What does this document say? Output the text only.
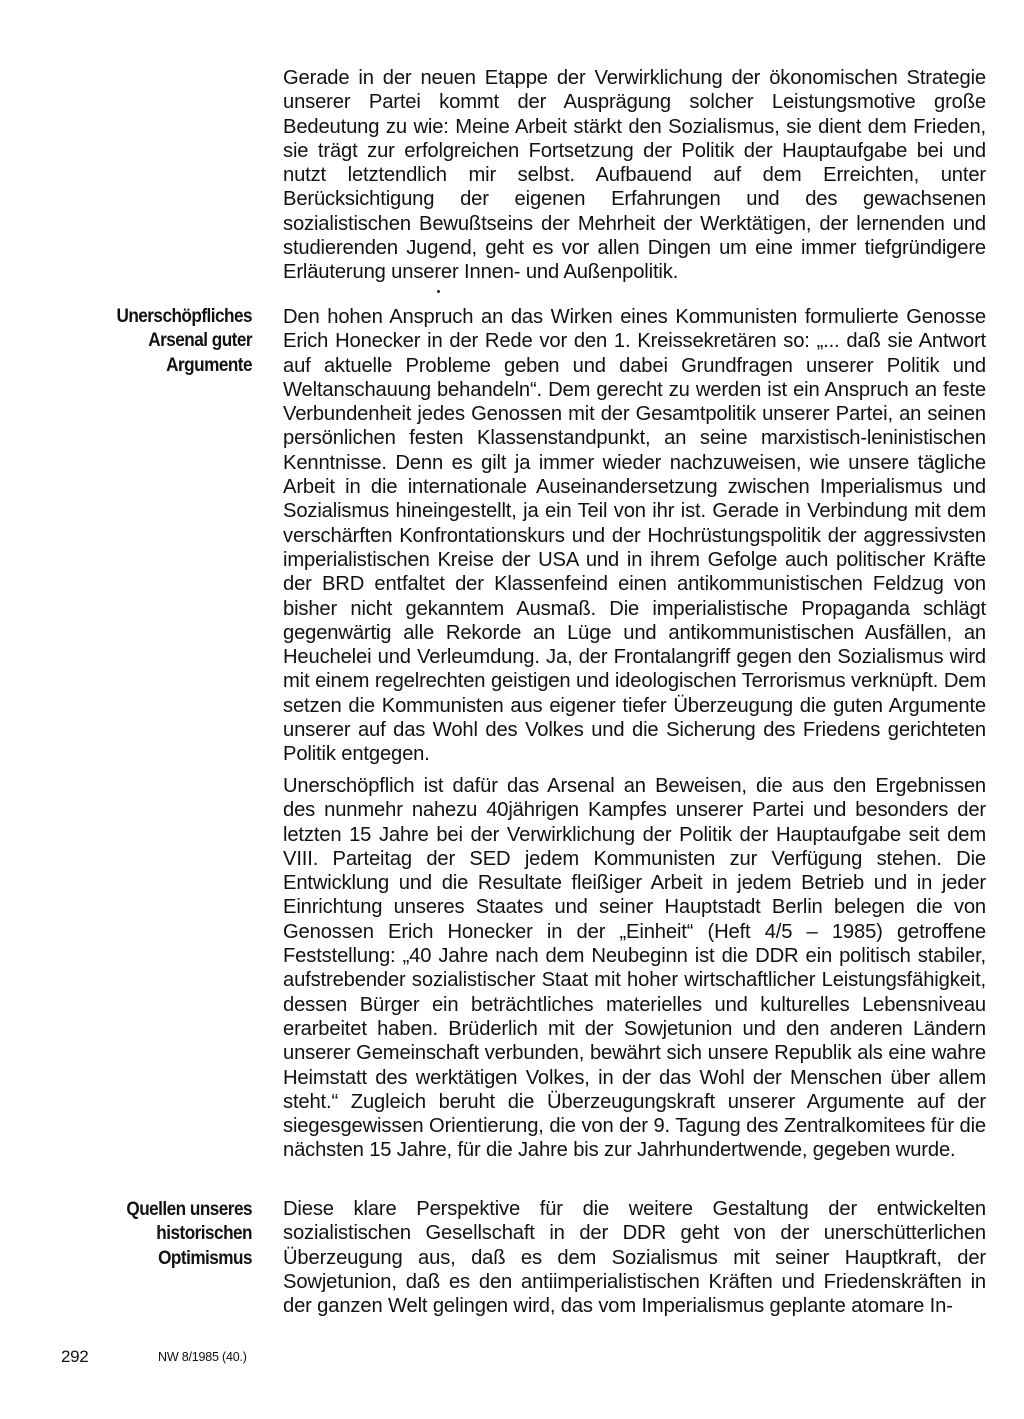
Gerade in der neuen Etappe der Verwirklichung der ökonomischen Strategie unserer Partei kommt der Ausprägung solcher Leistungsmotive große Bedeutung zu wie: Meine Arbeit stärkt den Sozialismus, sie dient dem Frieden, sie trägt zur erfolgreichen Fortsetzung der Politik der Hauptaufgabe bei und nutzt letztendlich mir selbst. Aufbauend auf dem Erreichten, unter Berücksichtigung der eigenen Erfahrungen und des gewachsenen sozialistischen Bewußtseins der Mehrheit der Werktätigen, der lernenden und studierenden Jugend, geht es vor allen Dingen um eine immer tiefgründigere Erläuterung unserer Innen- und Außenpolitik.

Unerschöpfliches
Arsenal guter
Argumente

Den hohen Anspruch an das Wirken eines Kommunisten formulierte Genosse Erich Honecker in der Rede vor den 1. Kreissekretären so: „... daß sie Antwort auf aktuelle Probleme geben und dabei Grundfragen unserer Politik und Weltanschauung behandeln“. Dem gerecht zu werden ist ein Anspruch an feste Verbundenheit jedes Genossen mit der Gesamtpolitik unserer Partei, an seinen persönlichen festen Klassenstandpunkt, an seine marxistisch-leninistischen Kenntnisse. Denn es gilt ja immer wieder nachzuweisen, wie unsere tägliche Arbeit in die internationale Auseinandersetzung zwischen Imperialismus und Sozialismus hineingestellt, ja ein Teil von ihr ist. Gerade in Verbindung mit dem verschärften Konfrontationskurs und der Hochrüstungspolitik der aggressivsten imperialistischen Kreise der USA und in ihrem Gefolge auch politischer Kräfte der BRD entfaltet der Klassenfeind einen antikommunistischen Feldzug von bisher nicht gekanntem Ausmaß. Die imperialistische Propaganda schlägt gegenwärtig alle Rekorde an Lüge und antikommunistischen Ausfällen, an Heuchelei und Verleumdung. Ja, der Frontalangriff gegen den Sozialismus wird mit einem regelrechten geistigen und ideologischen Terrorismus verknüpft. Dem setzen die Kommunisten aus eigener tiefer Überzeugung die guten Argumente unserer auf das Wohl des Volkes und die Sicherung des Friedens gerichteten Politik entgegen.

Unerschöpflich ist dafür das Arsenal an Beweisen, die aus den Ergebnissen des nunmehr nahezu 40jährigen Kampfes unserer Partei und besonders der letzten 15 Jahre bei der Verwirklichung der Politik der Hauptaufgabe seit dem VIII. Parteitag der SED jedem Kommunisten zur Verfügung stehen. Die Entwicklung und die Resultate fleißiger Arbeit in jedem Betrieb und in jeder Einrichtung unseres Staates und seiner Hauptstadt Berlin belegen die von Genossen Erich Honecker in der „Einheit“ (Heft 4/5 – 1985) getroffene Feststellung: „40 Jahre nach dem Neubeginn ist die DDR ein politisch stabiler, aufstrebender sozialistischer Staat mit hoher wirtschaftlicher Leistungsfähigkeit, dessen Bürger ein beträchtliches materielles und kulturelles Lebensniveau erarbeitet haben. Brüderlich mit der Sowjetunion und den anderen Ländern unserer Gemeinschaft verbunden, bewährt sich unsere Republik als eine wahre Heimstatt des werktätigen Volkes, in der das Wohl der Menschen über allem steht.“ Zugleich beruht die Überzeugungskraft unserer Argumente auf der siegesgewissen Orientierung, die von der 9. Tagung des Zentralkomitees für die nächsten 15 Jahre, für die Jahre bis zur Jahrhundertwende, gegeben wurde.

Quellen unseres
historischen
Optimismus

Diese klare Perspektive für die weitere Gestaltung der entwickelten sozialistischen Gesellschaft in der DDR geht von der unerschütterlichen Überzeugung aus, daß es dem Sozialismus mit seiner Hauptkraft, der Sowjetunion, daß es den antiimperialistischen Kräften und Friedenskräften in der ganzen Welt gelingen wird, das vom Imperialismus geplante atomare In-

292	NW 8/1985 (40.)
